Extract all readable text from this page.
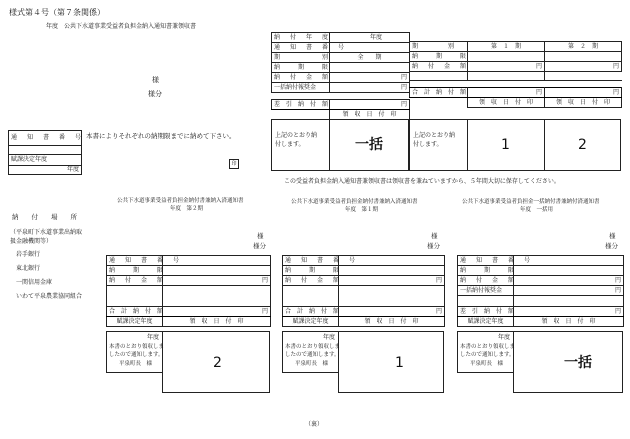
様式第４号（第７条関係）
年度　公共下水道事業受益者負担金納入通知書兼領収書
様
様分
通　知　書　番　号

賦課決定年度
年度
本書によりそれぞれの納期限までに納めて下さい。
印
納　付　年　度	年度
通　知　書　番　号	
期　　　　　　　別	全　　期
納　　　期　　　限	
納　付　金　額	円
一括納付報奨金	円

差　引　納　付　額	円
	領　収　日　付　印
上記のとおり納
付します。	一括
期　　　　　別	第　１　期	第　２　期
納　　　期　　　限		
納　付　金　額	円	円

合　計　納　付　額	円	円
	領　収　日　付　印	領　収　日　付　印
上記のとおり納
付します。	1	2
この受益者負担金納入通知書兼領収書は領収書を兼ねていますから、５年間大切に保存してください。
納　　付　　場　　所
（平泉町下水道事業出納取
扱金融機関等）
岩手銀行
東北銀行
一関信用金庫
いわて平泉農業協同組合
公共下水道事業受益者負担金納付書兼納入済通知書
年度　第２期
様
様分
通　知　書　番　号	
納　　　期　　　限	
納　付　金　額	円

合　計　納　付　額	円
賦課決定年度	領　収　日　付　印
年度
本書のとおり領収しま
したので通知します。
平泉町長　様	2
公共下水道事業受益者負担金納付書兼納入済通知書
年度　第１期
様
様分
通　知　書　番　号	
納　　　期　　　限	
納　付　金　額	円

合　計　納　付　額	円
賦課決定年度	領　収　日　付　印
年度
本書のとおり領収しま
したので通知します。
平泉町長　様	1
公共下水道事業受益者負担金一括納付書兼納付済通知書
年度　一括用
様
様分
通　知　書　番　号	
納　　　期　　　限	
納　付　金　額	円
一括納付報奨金	円

差　引　納　付　額	円
賦課決定年度	領　収　日　付　印
年度
本書のとおり領収しま
したので通知します。
平泉町長　様	一括
（裏）
